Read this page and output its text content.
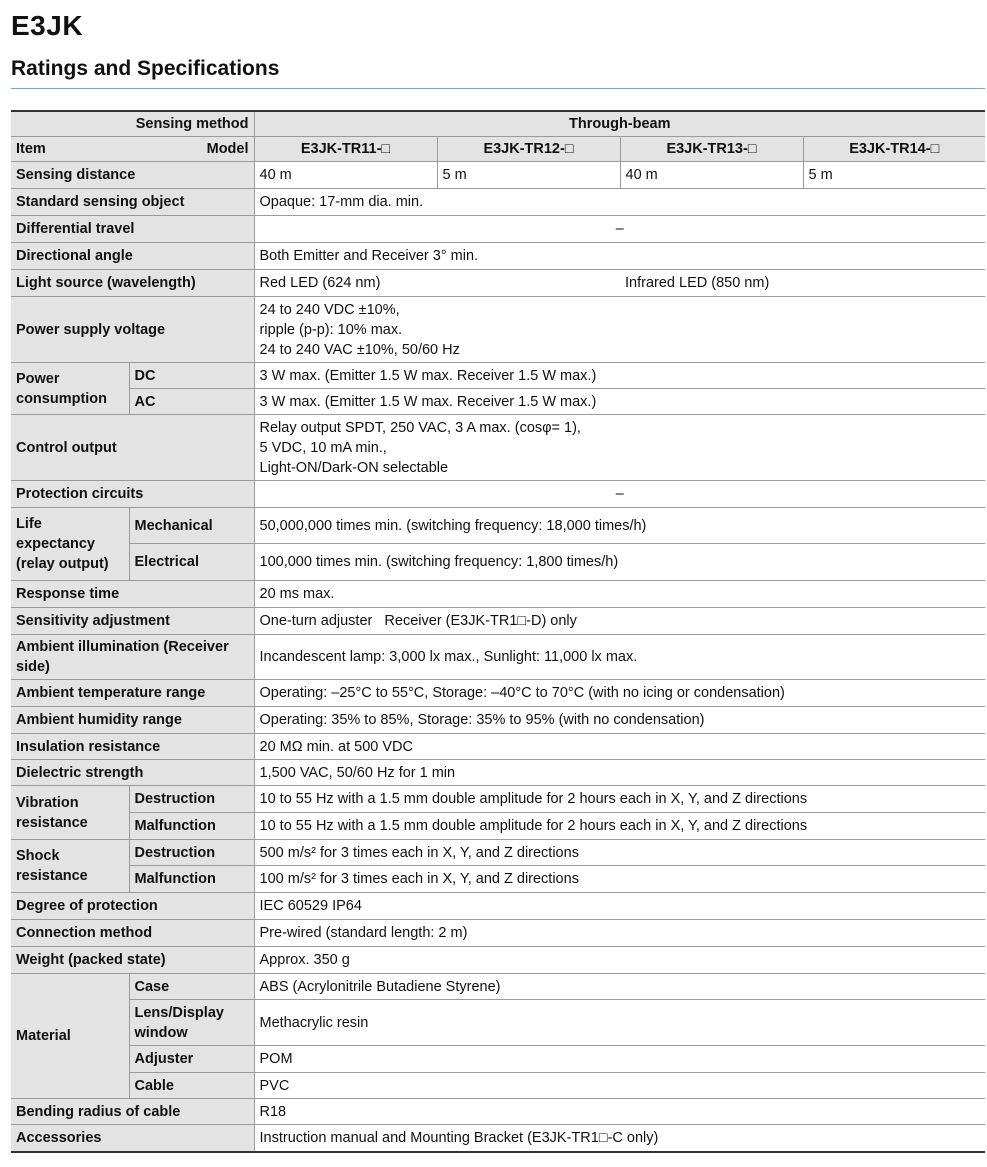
E3JK
Ratings and Specifications
Sensing method		Through-beam			

Item Model		E3JK-TR11-□	E3JK-TR12-□	E3JK-TR13-□	E3JK-TR14-□
Sensing distance		40 m	5 m	40 m	5 m
Standard sensing object		Opaque: 17-mm dia. min.			
Differential travel		–			
Directional angle		Both Emitter and Receiver 3° min.			
Light source (wavelength)		Red LED (624 nm)		Infrared LED (850 nm)	
Power supply voltage		24 to 240 VDC ±10%,
ripple (p-p): 10% max.
24 to 240 VAC ±10%, 50/60 Hz			

Power consumption	DC	3 W max. (Emitter 1.5 W max. Receiver 1.5 W max.)			
	AC	3 W max. (Emitter 1.5 W max. Receiver 1.5 W max.)			
Control output		Relay output SPDT, 250 VAC, 3 A max. (cosφ= 1),
5 VDC, 10 mA min.,
Light-ON/Dark-ON selectable			

Protection circuits		–			
Life expectancy (relay output)	Mechanical	50,000,000 times min. (switching frequency: 18,000 times/h)			
	Electrical	100,000 times min. (switching frequency: 1,800 times/h)			
Response time		20 ms max.			
Sensitivity adjustment		One-turn adjuster   Receiver (E3JK-TR1□-D) only			
Ambient illumination (Receiver side)		Incandescent lamp: 3,000 lx max., Sunlight: 11,000 lx max.			
Ambient temperature range		Operating: –25°C to 55°C, Storage: –40°C to 70°C (with no icing or condensation)			
Ambient humidity range		Operating: 35% to 85%, Storage: 35% to 95% (with no condensation)			
Insulation resistance		20 MΩ min. at 500 VDC			
Dielectric strength		1,500 VAC, 50/60 Hz for 1 min			
Vibration resistance	Destruction	10 to 55 Hz with a 1.5 mm double amplitude for 2 hours each in X, Y, and Z directions			
	Malfunction	10 to 55 Hz with a 1.5 mm double amplitude for 2 hours each in X, Y, and Z directions			
Shock resistance	Destruction	500 m/s² for 3 times each in X, Y, and Z directions			
	Malfunction	100 m/s² for 3 times each in X, Y, and Z directions			
Degree of protection		IEC 60529 IP64			
Connection method		Pre-wired (standard length: 2 m)			
Weight (packed state)		Approx. 350 g			
Material	Case	ABS (Acrylonitrile Butadiene Styrene)			
	Lens/Display window	Methacrylic resin			
	Adjuster	POM			
	Cable	PVC			
Bending radius of cable		R18			
Accessories		Instruction manual and Mounting Bracket (E3JK-TR1□-C only)			
